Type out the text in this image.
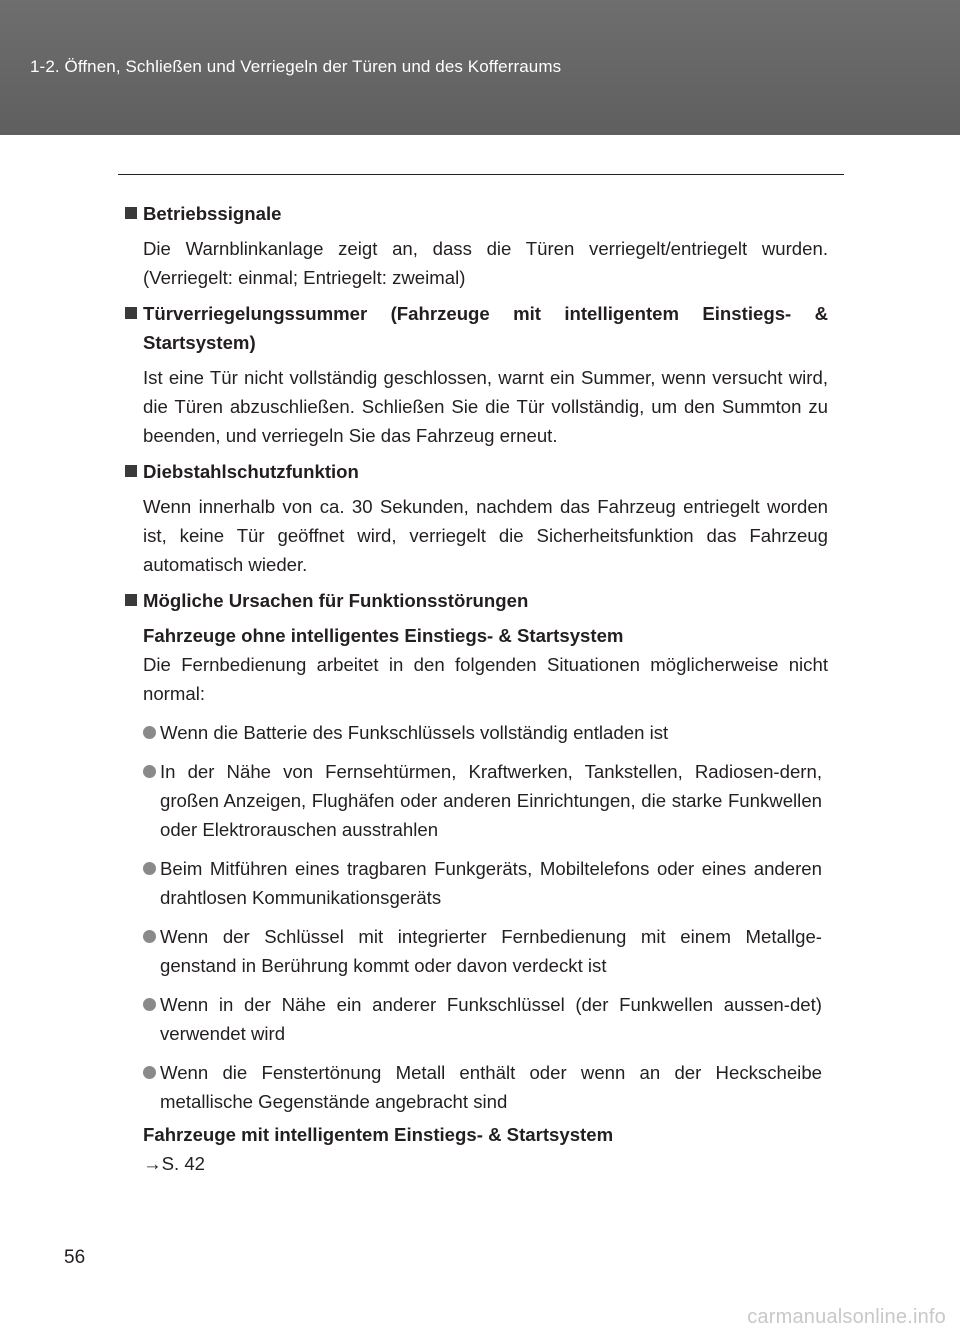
1-2. Öffnen, Schließen und Verriegeln der Türen und des Kofferraums
Betriebssignale
Die Warnblinkanlage zeigt an, dass die Türen verriegelt/entriegelt wurden. (Verriegelt: einmal; Entriegelt: zweimal)
Türverriegelungssummer (Fahrzeuge mit intelligentem Einstiegs- & Startsystem)
Ist eine Tür nicht vollständig geschlossen, warnt ein Summer, wenn versucht wird, die Türen abzuschließen. Schließen Sie die Tür vollständig, um den Summton zu beenden, und verriegeln Sie das Fahrzeug erneut.
Diebstahlschutzfunktion
Wenn innerhalb von ca. 30 Sekunden, nachdem das Fahrzeug entriegelt worden ist, keine Tür geöffnet wird, verriegelt die Sicherheitsfunktion das Fahrzeug automatisch wieder.
Mögliche Ursachen für Funktionsstörungen
Fahrzeuge ohne intelligentes Einstiegs- & Startsystem
Die Fernbedienung arbeitet in den folgenden Situationen möglicherweise nicht normal:
Wenn die Batterie des Funkschlüssels vollständig entladen ist
In der Nähe von Fernsehtürmen, Kraftwerken, Tankstellen, Radiosen-dern, großen Anzeigen, Flughäfen oder anderen Einrichtungen, die starke Funkwellen oder Elektrorauschen ausstrahlen
Beim Mitführen eines tragbaren Funkgeräts, Mobiltelefons oder eines anderen drahtlosen Kommunikationsgeräts
Wenn der Schlüssel mit integrierter Fernbedienung mit einem Metallge-genstand in Berührung kommt oder davon verdeckt ist
Wenn in der Nähe ein anderer Funkschlüssel (der Funkwellen aussen-det) verwendet wird
Wenn die Fenstertönung Metall enthält oder wenn an der Heckscheibe metallische Gegenstände angebracht sind
Fahrzeuge mit intelligentem Einstiegs- & Startsystem
→S. 42
56
carmanualsonline.info
